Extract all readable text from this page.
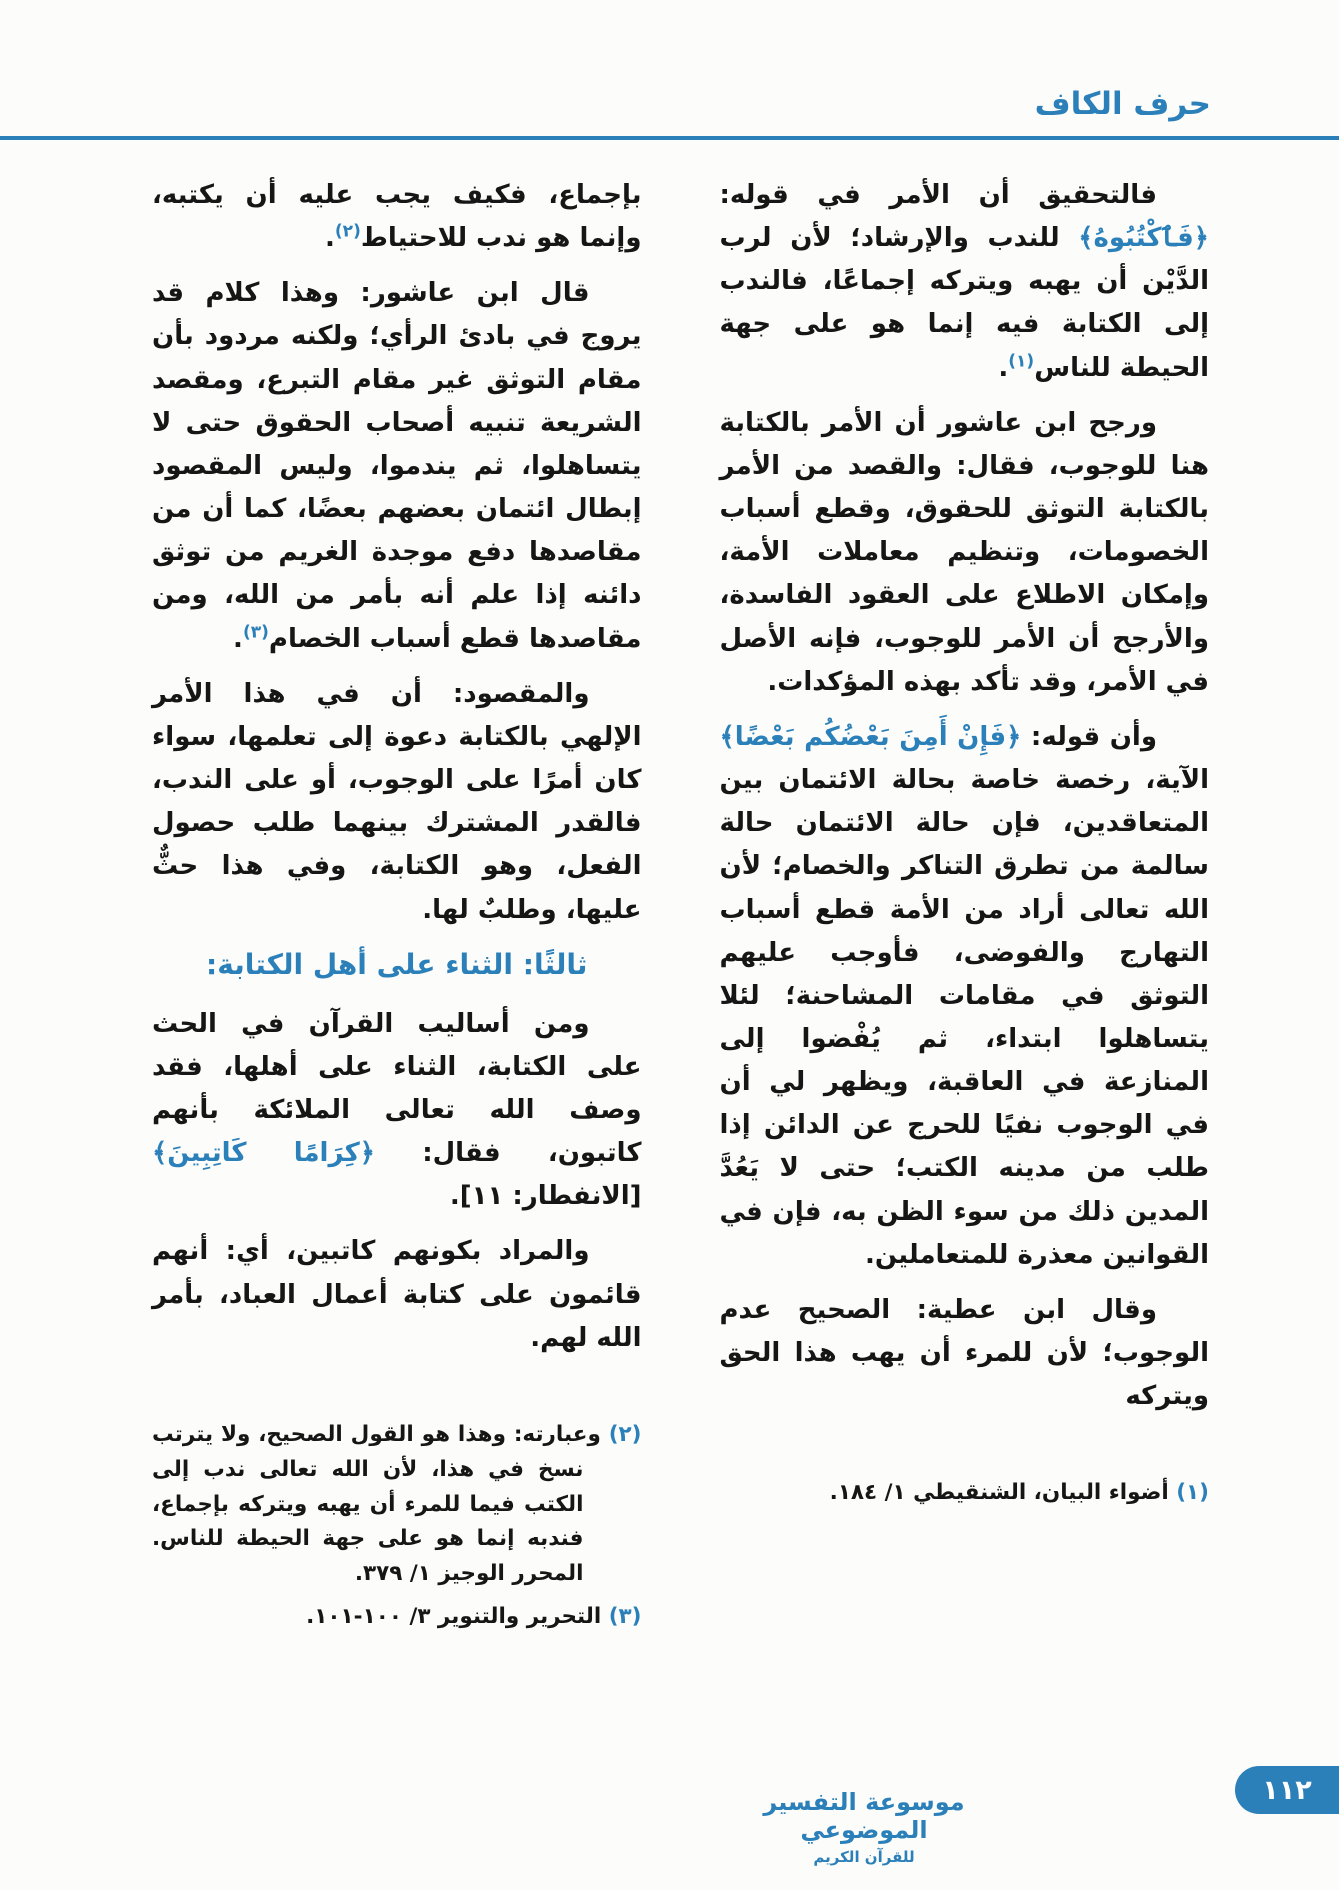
حرف الكاف

فالتحقيق أن الأمر في قوله: ﴿فَٱكْتُبُوهُ﴾ للندب والإرشاد؛ لأن لرب الدَّيْن أن يهبه ويتركه إجماعًا، فالندب إلى الكتابة فيه إنما هو على جهة الحيطة للناس$^{(١)}$.

ورجح ابن عاشور أن الأمر بالكتابة هنا للوجوب، فقال: والقصد من الأمر بالكتابة التوثق للحقوق، وقطع أسباب الخصومات، وتنظيم معاملات الأمة، وإمكان الاطلاع على العقود الفاسدة، والأرجح أن الأمر للوجوب، فإنه الأصل في الأمر، وقد تأكد بهذه المؤكدات.

وأن قوله: ﴿فَإِنْ أَمِنَ بَعْضُكُم بَعْضًا﴾ الآية، رخصة خاصة بحالة الائتمان بين المتعاقدين، فإن حالة الائتمان حالة سالمة من تطرق التناكر والخصام؛ لأن الله تعالى أراد من الأمة قطع أسباب التهارج والفوضى، فأوجب عليهم التوثق في مقامات المشاحنة؛ لئلا يتساهلوا ابتداء، ثم يُفْضوا إلى المنازعة في العاقبة، ويظهر لي أن في الوجوب نفيًا للحرج عن الدائن إذا طلب من مدينه الكتب؛ حتى لا يَعُدَّ المدين ذلك من سوء الظن به، فإن في القوانين معذرة للمتعاملين.

وقال ابن عطية: الصحيح عدم الوجوب؛ لأن للمرء أن يهب هذا الحق ويتركه

(١) أضواء البيان، الشنقيطي ١/ ١٨٤.

بإجماع، فكيف يجب عليه أن يكتبه، وإنما هو ندب للاحتياط$^{(٢)}$.

قال ابن عاشور: وهذا كلام قد يروج في بادئ الرأي؛ ولكنه مردود بأن مقام التوثق غير مقام التبرع، ومقصد الشريعة تنبيه أصحاب الحقوق حتى لا يتساهلوا، ثم يندموا، وليس المقصود إبطال ائتمان بعضهم بعضًا، كما أن من مقاصدها دفع موجدة الغريم من توثق دائنه إذا علم أنه بأمر من الله، ومن مقاصدها قطع أسباب الخصام$^{(٣)}$.

والمقصود: أن في هذا الأمر الإلهي بالكتابة دعوة إلى تعلمها، سواء كان أمرًا على الوجوب، أو على الندب، فالقدر المشترك بينهما طلب حصول الفعل، وهو الكتابة، وفي هذا حثٌّ عليها، وطلبٌ لها.

ثالثًا: الثناء على أهل الكتابة:

ومن أساليب القرآن في الحث على الكتابة، الثناء على أهلها، فقد وصف الله تعالى الملائكة بأنهم كاتبون، فقال: ﴿كِرَامًا كَاتِبِينَ﴾ [الانفطار: ١١].

والمراد بكونهم كاتبين، أي: أنهم قائمون على كتابة أعمال العباد، بأمر الله لهم.

(٢) وعبارته: وهذا هو القول الصحيح، ولا يترتب نسخ في هذا، لأن الله تعالى ندب إلى الكتب فيما للمرء أن يهبه ويتركه بإجماع، فندبه إنما هو على جهة الحيطة للناس. المحرر الوجيز ١/ ٣٧٩.
(٣) التحرير والتنوير ٣/ ١٠٠-١٠١.
موسوعة التفسير الموضوعي
للقرآن الكريم
١١٢
